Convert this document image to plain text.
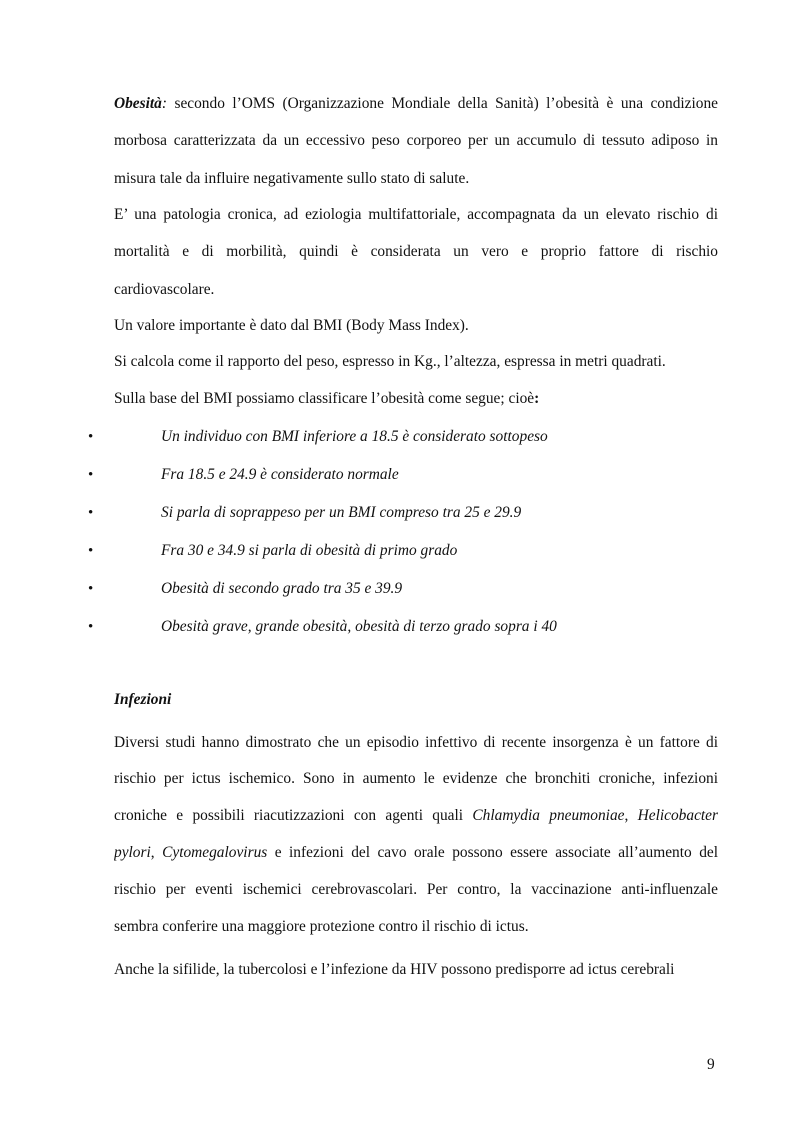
Obesità: secondo l’OMS (Organizzazione Mondiale della Sanità) l’obesità è una condizione
morbosa caratterizzata da un eccessivo peso corporeo per un accumulo di tessuto adiposo in
misura tale da influire negativamente sullo stato di salute.
E’ una patologia cronica, ad eziologia multifattoriale, accompagnata da un elevato rischio di
mortalità e di morbilità, quindi è considerata un vero e proprio fattore di rischio
cardiovascolare.
Un valore importante è dato dal BMI (Body Mass Index).
Si calcola come il rapporto del peso, espresso in Kg., l’altezza, espressa in metri quadrati.
Sulla base del BMI possiamo classificare l’obesità come segue; cioè:
•	Un individuo con BMI inferiore a 18.5 è considerato sottopeso
•	Fra 18.5 e 24.9 è considerato normale
•	Si parla di soprappeso per un BMI compreso tra 25 e 29.9
•	Fra 30 e 34.9 si parla di obesità di primo grado
•	Obesità di secondo grado tra 35 e 39.9
•	Obesità grave, grande obesità, obesità di terzo grado sopra i 40
Infezioni
Diversi studi hanno dimostrato che un episodio infettivo di recente insorgenza è un fattore di
rischio per ictus ischemico. Sono in aumento le evidenze che bronchiti croniche, infezioni
croniche e possibili riacutizzazioni con agenti quali Chlamydia pneumoniae, Helicobacter
pylori, Cytomegalovirus e infezioni del cavo orale possono essere associate all’aumento del
rischio per eventi ischemici cerebrovascolari. Per contro, la vaccinazione anti-influenzale
sembra conferire una maggiore protezione contro il rischio di ictus.
Anche la sifilide, la tubercolosi e l’infezione da HIV possono predisporre ad ictus cerebrali
9
